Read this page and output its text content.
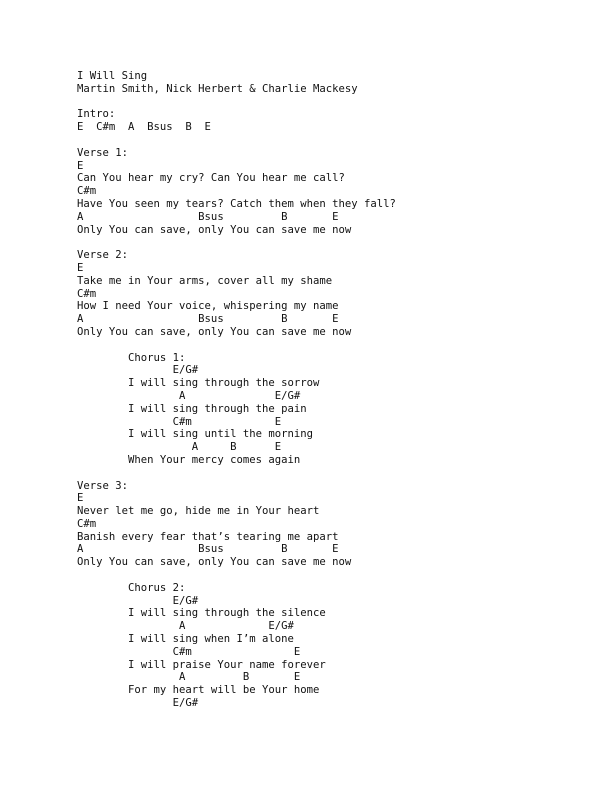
I Will Sing
Martin Smith, Nick Herbert & Charlie Mackesy
Intro:
E  C#m  A  Bsus  B  E
Verse 1:
E
Can You hear my cry? Can You hear me call?
C#m
Have You seen my tears? Catch them when they fall?
A                  Bsus         B       E
Only You can save, only You can save me now
Verse 2:
E
Take me in Your arms, cover all my shame
C#m
How I need Your voice, whispering my name
A                  Bsus         B       E
Only You can save, only You can save me now
Chorus 1:
E/G#
I will sing through the sorrow
A              E/G#
I will sing through the pain
C#m             E
I will sing until the morning
A     B      E
When Your mercy comes again
Verse 3:
E
Never let me go, hide me in Your heart
C#m
Banish every fear that’s tearing me apart
A                  Bsus         B       E
Only You can save, only You can save me now
Chorus 2:
E/G#
I will sing through the silence
A             E/G#
I will sing when I’m alone
C#m                E
I will praise Your name forever
A         B       E
For my heart will be Your home
E/G#
